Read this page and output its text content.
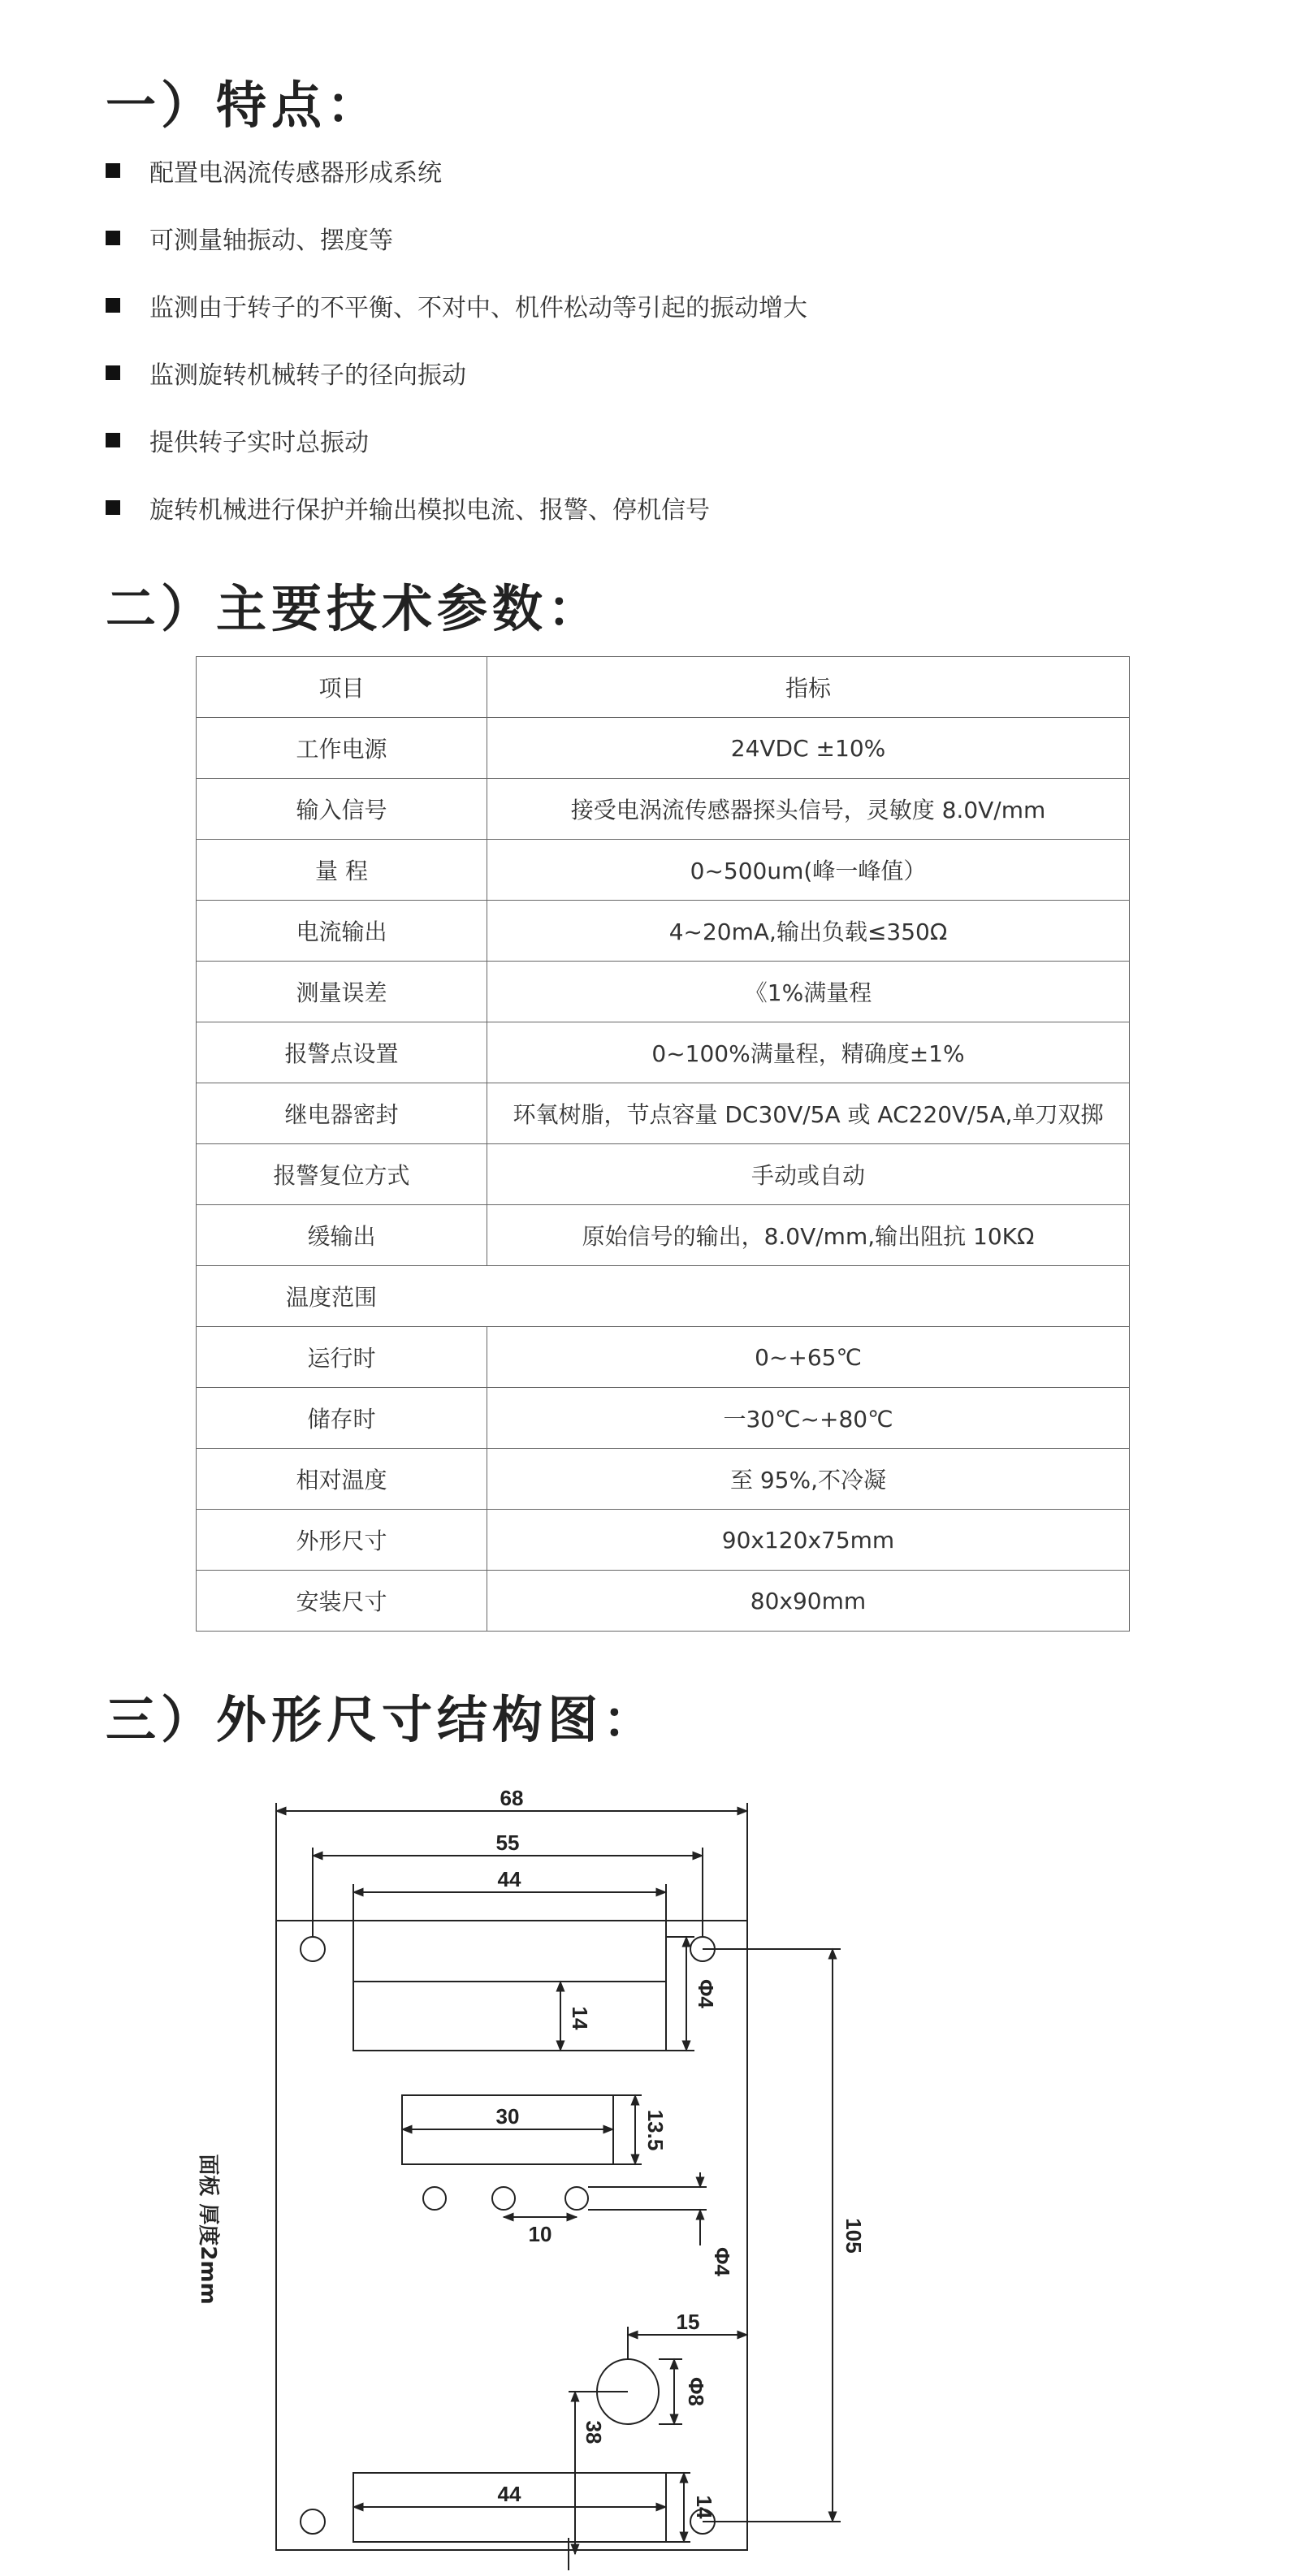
一）特点：
配置电涡流传感器形成系统
可测量轴振动、摆度等
监测由于转子的不平衡、不对中、机件松动等引起的振动增大
监测旋转机械转子的径向振动
提供转子实时总振动
旋转机械进行保护并输出模拟电流、报警、停机信号
二）主要技术参数：
项目	指标
工作电源	24VDC ±10%
输入信号	接受电涡流传感器探头信号，灵敏度 8.0V/mm
量 程	0~500um(峰一峰值）
电流输出	4~20mA,输出负载≤350Ω
测量误差	《1%满量程
报警点设置	0~100%满量程，精确度±1%
继电器密封	环氧树脂，节点容量 DC30V/5A 或 AC220V/5A,单刀双掷
报警复位方式	手动或自动
缓输出	原始信号的输出，8.0V/mm,输出阻抗 10KΩ
温度范围	
运行时	0~+65℃
储存时	一30℃~+80℃
相对温度	至 95%,不冷凝
外形尺寸	90x120x75mm
安装尺寸	80x90mm
三）外形尺寸结构图：
68
55
44
14
Φ4
30	13.5
10
Φ4
105
15
Φ8
38
44
14
面板 厚度2mm
